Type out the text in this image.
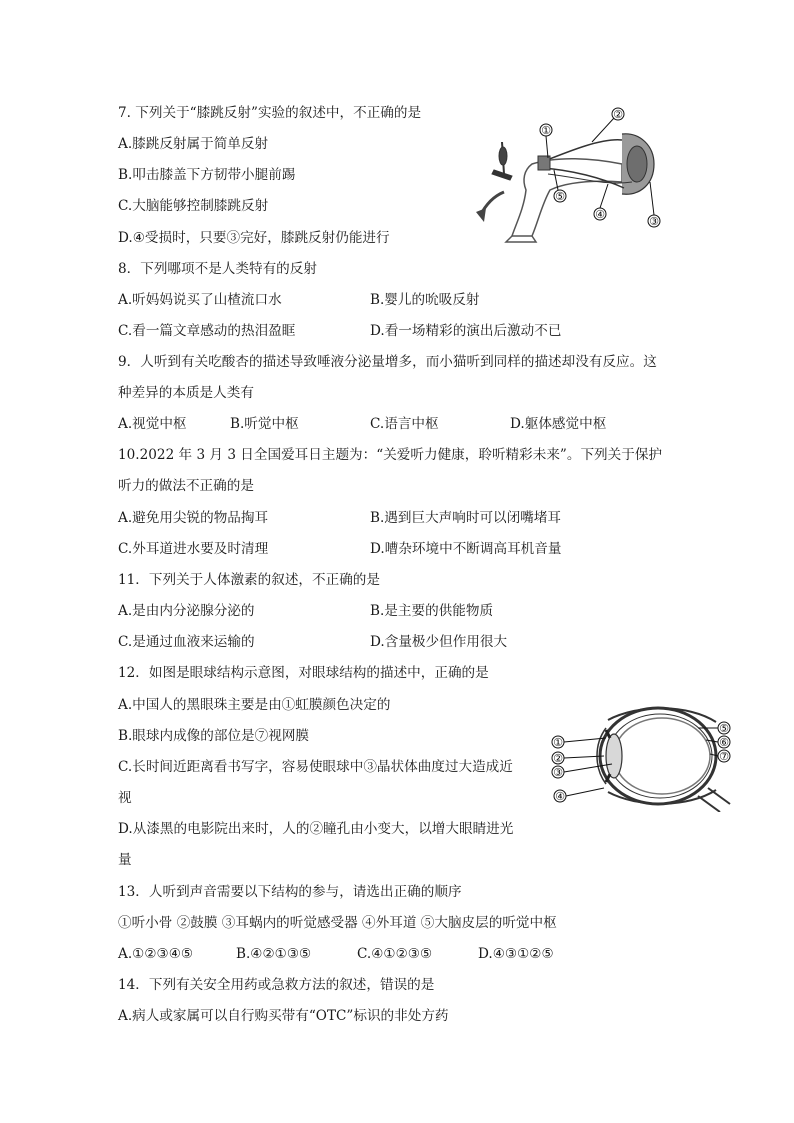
7. 下列关于“膝跳反射”实验的叙述中，不正确的是
A.膝跳反射属于简单反射
B.叩击膝盖下方韧带小腿前踢
C.大脑能够控制膝跳反射
D.④受损时，只要③完好，膝跳反射仍能进行
①
②
③
④
⑤
8．下列哪项不是人类特有的反射
A.听妈妈说买了山楂流口水	B.婴儿的吮吸反射
C.看一篇文章感动的热泪盈眶	D.看一场精彩的演出后激动不已
9．人听到有关吃酸杏的描述导致唾液分泌量增多，而小猫听到同样的描述却没有反应。这
种差异的本质是人类有
A.视觉中枢	B.听觉中枢	C.语言中枢	D.躯体感觉中枢
10.2022 年 3 月 3 日全国爱耳日主题为：“关爱听力健康，聆听精彩未来”。下列关于保护
听力的做法不正确的是
A.避免用尖锐的物品掏耳	B.遇到巨大声响时可以闭嘴堵耳
C.外耳道进水要及时清理	D.嘈杂环境中不断调高耳机音量
11．下列关于人体激素的叙述，不正确的是
A.是由内分泌腺分泌的	B.是主要的供能物质
C.是通过血液来运输的	D.含量极少但作用很大
12．如图是眼球结构示意图，对眼球结构的描述中，正确的是
A.中国人的黑眼珠主要是由①虹膜颜色决定的
B.眼球内成像的部位是⑦视网膜
C.长时间近距离看书写字，容易使眼球中③晶状体曲度过大造成近
视
D.从漆黑的电影院出来时，人的②瞳孔由小变大，以增大眼睛进光
量
①
②
③
④
⑤
⑥
⑦
13．人听到声音需要以下结构的参与，请选出正确的顺序
①听小骨 ②鼓膜 ③耳蜗内的听觉感受器 ④外耳道 ⑤大脑皮层的听觉中枢
A.①②③④⑤	B.④②①③⑤	C.④①②③⑤	D.④③①②⑤
14．下列有关安全用药或急救方法的叙述，错误的是
A.病人或家属可以自行购买带有“OTC”标识的非处方药
